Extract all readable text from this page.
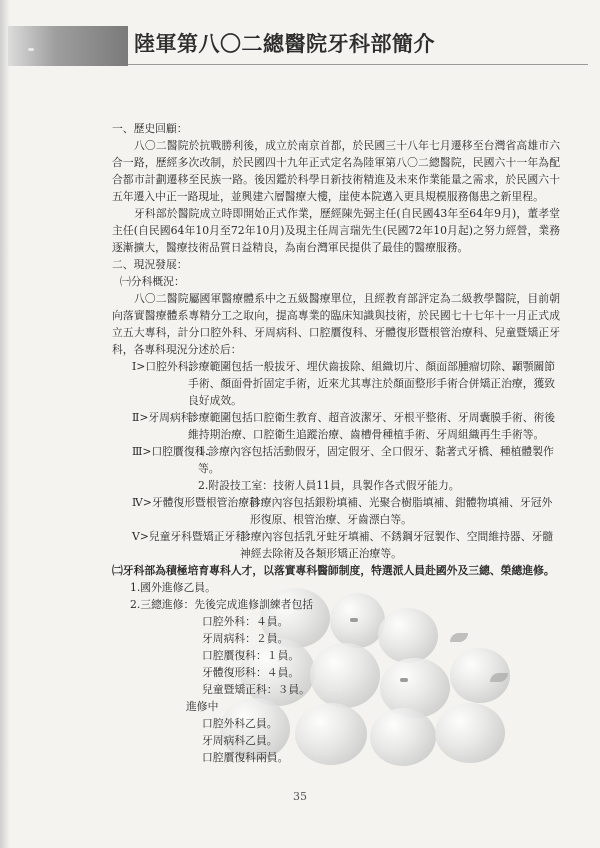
陸軍第八〇二總醫院牙科部簡介
一、歷史回顧：
八〇二醫院於抗戰勝利後，成立於南京首都，於民國三十八年七月遷移至台灣省高雄市六合一路，歷經多次改制，於民國四十九年正式定名為陸軍第八〇二總醫院，民國六十一年為配合都市計劃遷移至民族一路。後因鑑於科學日新技術精進及未來作業能量之需求，於民國六十五年遷入中正一路現址，並興建六層醫療大樓，崖使本院邁入更具規模服務傷患之新里程。
牙科部於醫院成立時即開始正式作業，歷經陳先弼主任(自民國43年至64年9月)，董孝堂主任(自民國64年10月至72年10月)及現主任周言瑞先生(民國72年10月起)之努力經營，業務逐漸擴大，醫療技術品質日益精良，為南台灣軍民提供了最佳的醫療服務。
二、現況發展：
㈠分科概況：
八〇二醫院屬國軍醫療體系中之五級醫療單位，且經教育部評定為二級教學醫院，目前朝向落實醫療體系專精分工之取向，提高專業的臨床知識與技術，於民國七十七年十一月正式成立五大專科，計分口腔外科、牙周病科、口腔贋復科、牙體復形暨根管治療科、兒童暨矯正牙科，各專科現況分述於后：
Ⅰ>口腔外科：
診療範圍包括一般拔牙、埋伏齒拔除、組織切片、顏面部腫瘤切除、顳顎關節手術、顏面骨折固定手術，近來尤其專注於顏面整形手術合併矯正治療，獲致良好成效。
Ⅱ>牙周病科：
診療範圍包括口腔衛生教育、超音波潔牙、牙根平整術、牙周囊膜手術、術後維持期治療、口腔衛生追蹤治療、齒槽骨種植手術、牙周組織再生手術等。
Ⅲ>口腔贋復科：
1.診療內容包括活動假牙，固定假牙、全口假牙、黏著式牙橋、種植體製作等。
2.附設技工室：技術人員11員，具製作各式假牙能力。
Ⅳ>牙體復形暨根管治療科：
診療內容包括銀粉填補、光聚合樹脂填補、鉗體物填補、牙冠外形復原、根管治療、牙齒漂白等。
Ⅴ>兒童牙科暨矯正牙科：
診療內容包括乳牙蛀牙填補、不銹鋼牙冠製作、空間維持器、牙髓神經去除術及各類形矯正治療等。
㈡牙科部為積極培育專科人才，以落實專科醫師制度，特選派人員赴國外及三總、榮總進修。
1.國外進修乙員。
2.三總進修：先後完成進修訓練者包括
口腔外科：４員。
牙周病科：２員。
口腔贋復科：１員。
牙體復形科：４員。
兒童暨矯正科：３員。
進修中
口腔外科乙員。
牙周病科乙員。
口腔贋復科兩員。
35
